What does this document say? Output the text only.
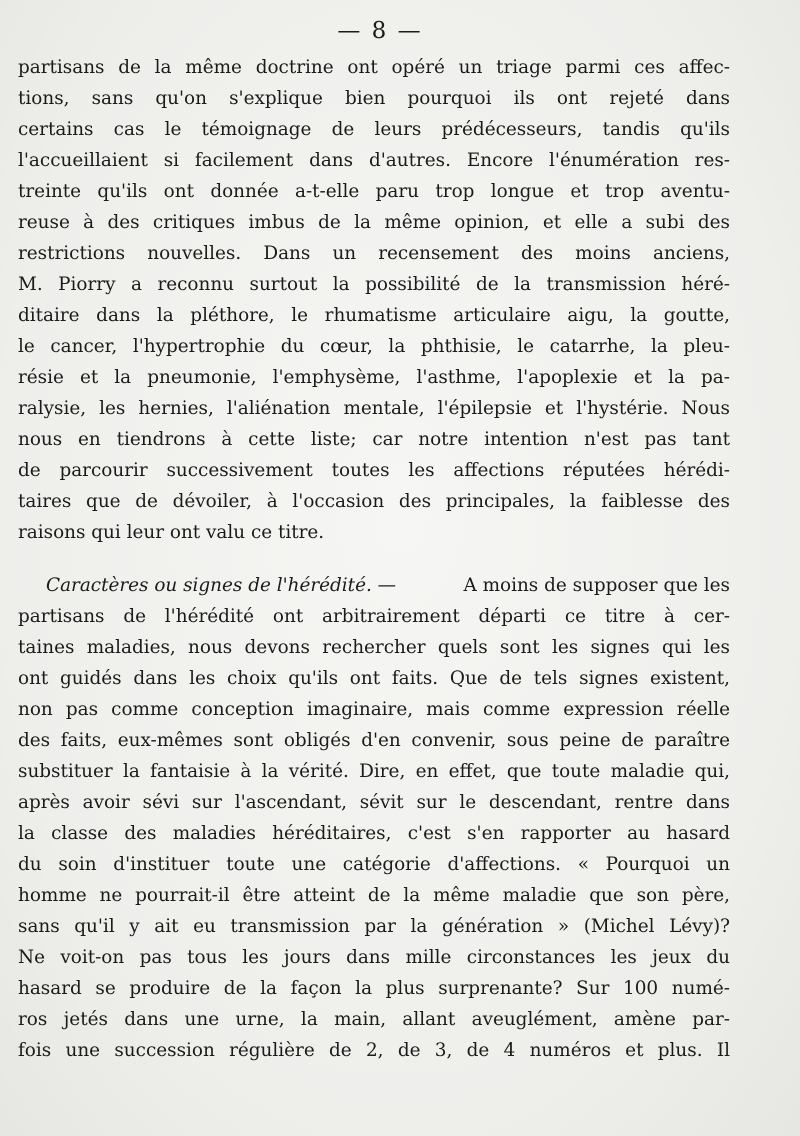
— 8 —
partisans de la même doctrine ont opéré un triage parmi ces affec-
tions, sans qu'on s'explique bien pourquoi ils ont rejeté dans
certains cas le témoignage de leurs prédécesseurs, tandis qu'ils
l'accueillaient si facilement dans d'autres. Encore l'énumération res-
treinte qu'ils ont donnée a-t-elle paru trop longue et trop aventu-
reuse à des critiques imbus de la même opinion, et elle a subi des
restrictions nouvelles. Dans un recensement des moins anciens,
M. Piorry a reconnu surtout la possibilité de la transmission héré-
ditaire dans la pléthore, le rhumatisme articulaire aigu, la goutte,
le cancer, l'hypertrophie du cœur, la phthisie, le catarrhe, la pleu-
résie et la pneumonie, l'emphysème, l'asthme, l'apoplexie et la pa-
ralysie, les hernies, l'aliénation mentale, l'épilepsie et l'hystérie. Nous
nous en tiendrons à cette liste; car notre intention n'est pas tant
de parcourir successivement toutes les affections réputées hérédi-
taires que de dévoiler, à l'occasion des principales, la faiblesse des
raisons qui leur ont valu ce titre.
Caractères ou signes de l'hérédité. —	A moins de supposer que les
partisans de l'hérédité ont arbitrairement départi ce titre à cer-
taines maladies, nous devons rechercher quels sont les signes qui les
ont guidés dans les choix qu'ils ont faits. Que de tels signes existent,
non pas comme conception imaginaire, mais comme expression réelle
des faits, eux-mêmes sont obligés d'en convenir, sous peine de paraître
substituer la fantaisie à la vérité. Dire, en effet, que toute maladie qui,
après avoir sévi sur l'ascendant, sévit sur le descendant, rentre dans
la classe des maladies héréditaires, c'est s'en rapporter au hasard
du soin d'instituer toute une catégorie d'affections. « Pourquoi un
homme ne pourrait-il être atteint de la même maladie que son père,
sans qu'il y ait eu transmission par la génération » (Michel Lévy)?
Ne voit-on pas tous les jours dans mille circonstances les jeux du
hasard se produire de la façon la plus surprenante? Sur 100 numé-
ros jetés dans une urne, la main, allant aveuglément, amène par-
fois une succession régulière de 2, de 3, de 4 numéros et plus. Il
